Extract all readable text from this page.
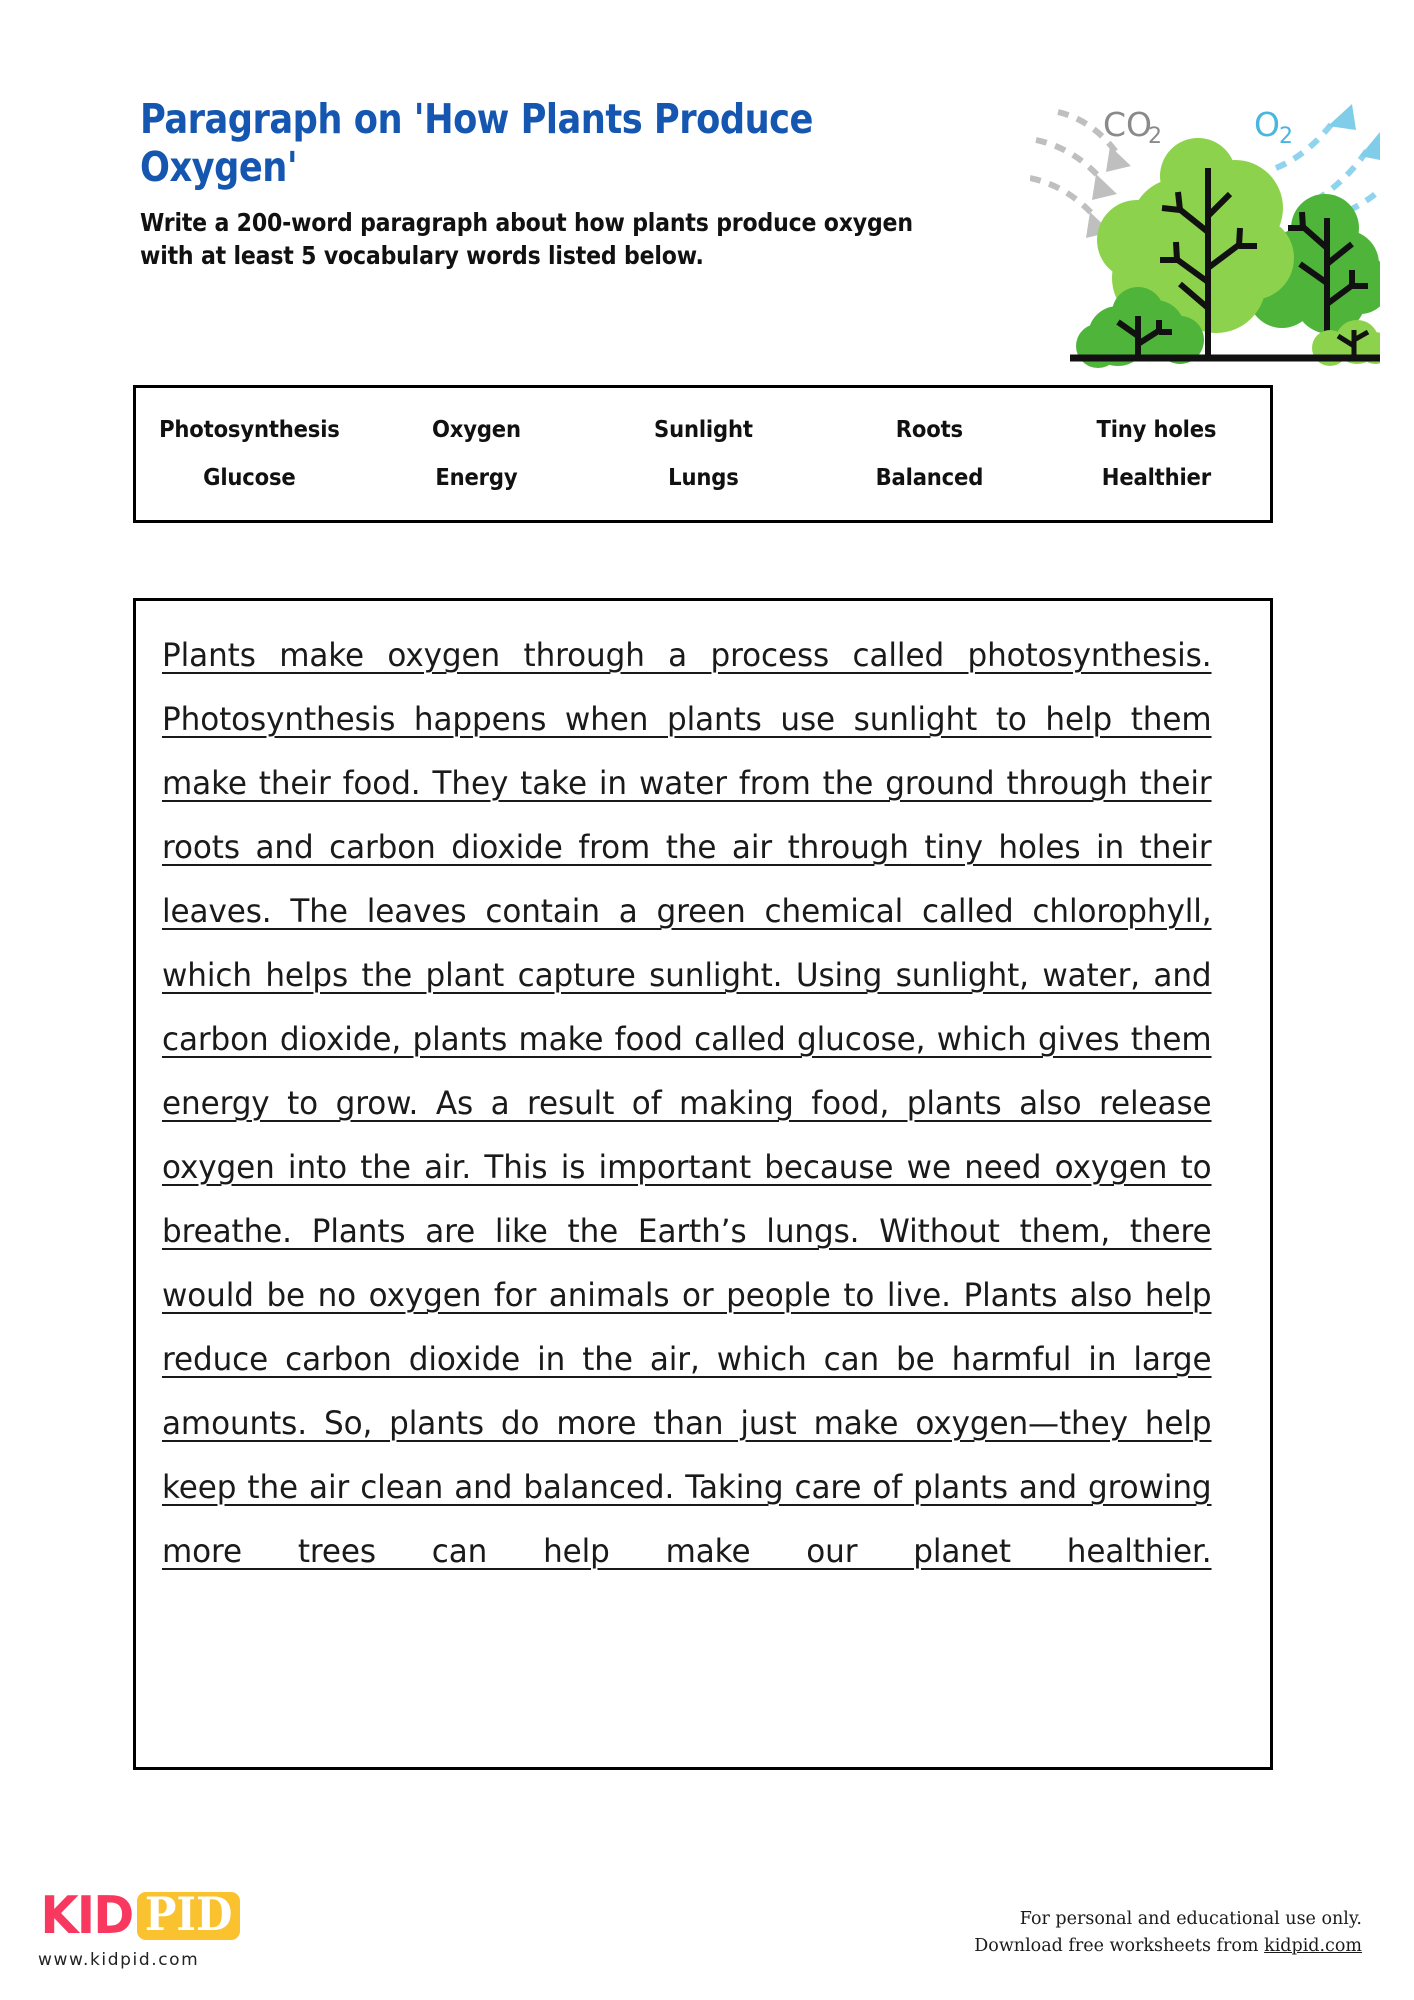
Paragraph on 'How Plants Produce Oxygen'

Write a 200-word paragraph about how plants produce oxygen with at least 5 vocabulary words listed below.

CO
2	O 2
Photosynthesis	Oxygen	Sunlight	Roots	Tiny holes
Glucose	Energy	Lungs	Balanced	Healthier

Plants make oxygen through a process called photosynthesis. Photosynthesis happens when plants use sunlight to help them make their food. They take in water from the ground through their roots and carbon dioxide from the air through tiny holes in their leaves. The leaves contain a green chemical called chlorophyll, which helps the plant capture sunlight. Using sunlight, water, and carbon dioxide, plants make food called glucose, which gives them energy to grow. As a result of making food, plants also release oxygen into the air. This is important because we need oxygen to breathe. Plants are like the Earth’s lungs. Without them, there would be no oxygen for animals or people to live. Plants also help reduce carbon dioxide in the air, which can be harmful in large amounts. So, plants do more than just make oxygen—they help keep the air clean and balanced. Taking care of plants and growing more trees can help make our planet healthier.

KID PID
www.kidpid.com
For personal and educational use only.
Download free worksheets from kidpid.com
